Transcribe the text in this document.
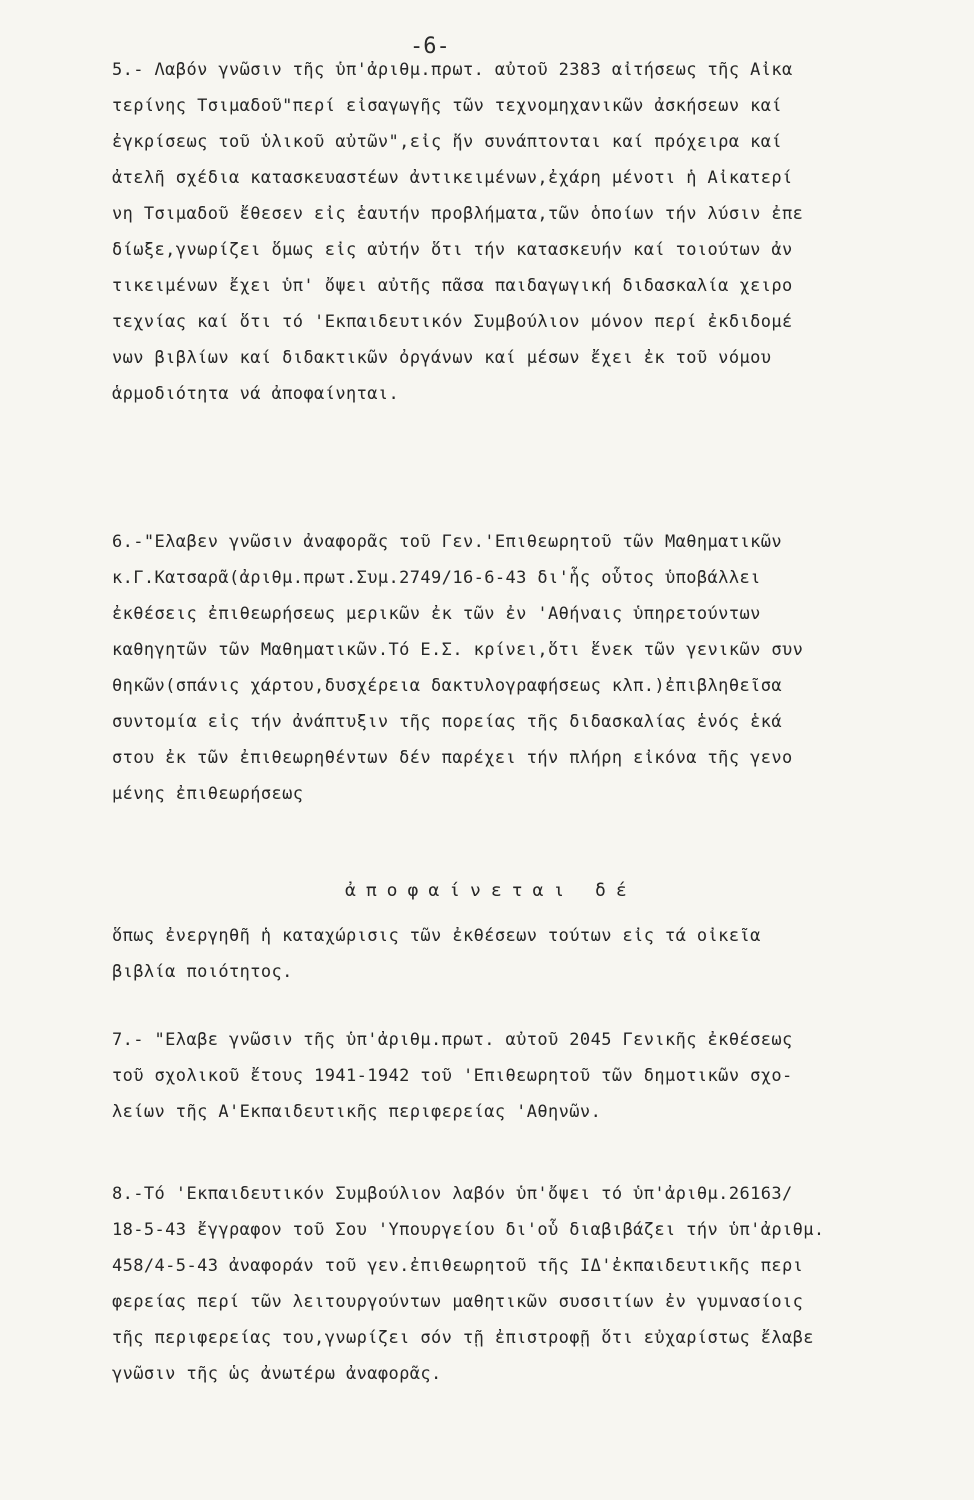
-6-
5.- Λαβόν γνῶσιν τῆς ὑπ'ἀριθμ.πρωτ. αὐτοῦ 2383 αἰτήσεως τῆς Αἰκα
τερίνης Τσιμαδοῦ"περί εἰσαγωγῆς τῶν τεχνομηχανικῶν ἀσκήσεων καί
ἐγκρίσεως τοῦ ὑλικοῦ αὐτῶν",εἰς ἥν συνάπτονται καί πρόχειρα καί
ἀτελῆ σχέδια κατασκευαστέων ἀντικειμένων,ἐχάρη μένοτι ἡ Αἰκατερί
νη Τσιμαδοῦ ἔθεσεν εἰς ἑαυτήν προβλήματα,τῶν ὁποίων τήν λύσιν ἐπε
δίωξε,γνωρίζει ὅμως εἰς αὐτήν ὅτι τήν κατασκευήν καί τοιούτων ἀν
τικειμένων ἔχει ὑπ' ὄψει αὐτῆς πᾶσα παιδαγωγική διδασκαλία χειρο
τεχνίας καί ὅτι τό 'Εκπαιδευτικόν Συμβούλιον μόνον περί ἐκδιδομέ
νων βιβλίων καί διδακτικῶν ὀργάνων καί μέσων ἔχει ἐκ τοῦ νόμου
ἁρμοδιότητα νά ἀποφαίνηται.
6.-"Ελαβεν γνῶσιν ἀναφορᾶς τοῦ Γεν.'Επιθεωρητοῦ τῶν Μαθηματικῶν
κ.Γ.Κατσαρᾶ(ἀριθμ.πρωτ.Συμ.2749/16-6-43 δι'ἧς οὗτος ὑποβάλλει
ἐκθέσεις ἐπιθεωρήσεως μερικῶν ἐκ τῶν ἐν 'Αθήναις ὑπηρετούντων
καθηγητῶν τῶν Μαθηματικῶν.Τό Ε.Σ. κρίνει,ὅτι ἕνεκ τῶν γενικῶν συν
θηκῶν(σπάνις χάρτου,δυσχέρεια δακτυλογραφήσεως κλπ.)ἐπιβληθεῖσα
συντομία εἰς τήν ἀνάπτυξιν τῆς πορείας τῆς διδασκαλίας ἑνός ἑκά
στου ἐκ τῶν ἐπιθεωρηθέντων δέν παρέχει τήν πλήρη εἰκόνα τῆς γενο
μένης ἐπιθεωρήσεως
ἀποφαίνεται δέ
ὅπως ἐνεργηθῆ ἡ καταχώρισις τῶν ἐκθέσεων τούτων εἰς τά οἰκεῖα
βιβλία ποιότητος.
7.- "Ελαβε γνῶσιν τῆς ὑπ'ἀριθμ.πρωτ. αὐτοῦ 2045 Γενικῆς ἐκθέσεως
τοῦ σχολικοῦ ἔτους 1941-1942 τοῦ 'Επιθεωρητοῦ τῶν δημοτικῶν σχο-
λείων τῆς Α'Εκπαιδευτικῆς περιφερείας 'Αθηνῶν.
8.-Τό 'Εκπαιδευτικόν Συμβούλιον λαβόν ὑπ'ὄψει τό ὑπ'ἀριθμ.26163/
18-5-43 ἔγγραφον τοῦ Σου 'Υπουργείου δι'οὗ διαβιβάζει τήν ὑπ'ἀριθμ.
458/4-5-43 ἀναφοράν τοῦ γεν.ἐπιθεωρητοῦ τῆς ΙΔ'ἐκπαιδευτικῆς περι
φερείας περί τῶν λειτουργούντων μαθητικῶν συσσιτίων ἐν γυμνασίοις
τῆς περιφερείας του,γνωρίζει σόν τῇ ἐπιστροφῇ ὅτι εὐχαρίστως ἔλαβε
γνῶσιν τῆς ὡς ἀνωτέρω ἀναφορᾶς.
